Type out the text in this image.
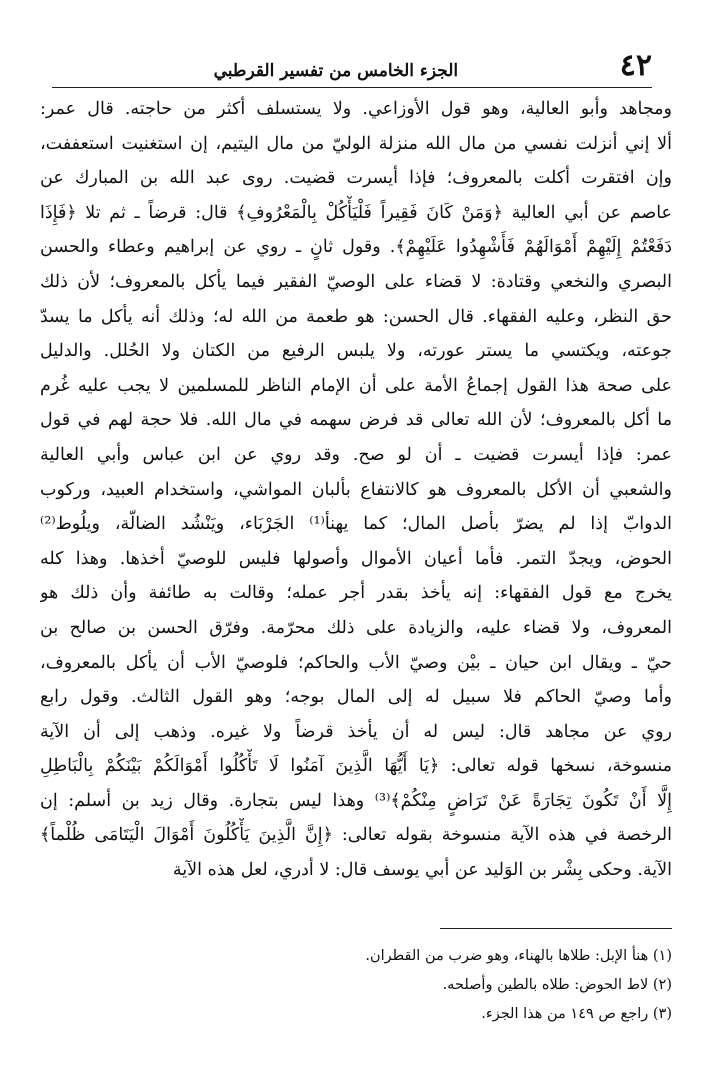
٤٢
الجزء الخامس من تفسير القرطبي
ومجاهد وأبو العالية، وهو قول الأوزاعي. ولا يستسلف أكثر من حاجته. قال عمر:
ألا إني أنزلت نفسي من مال الله منزلة الوليّ من مال اليتيم، إن استغنيت استعففت،
وإن افتقرت أكلت بالمعروف؛ فإذا أيسرت قضيت. روى عبد الله بن المبارك عن
عاصم عن أبي العالية ﴿وَمَنْ كَانَ فَقِيراً فَلْيَأْكُلْ بِالْمَعْرُوفِ﴾ قال: قرضاً ـ ثم تلا ﴿فَإِذَا
دَفَعْتُمْ إِلَيْهِمْ أَمْوَالَهُمْ فَأَشْهِدُوا عَلَيْهِمْ﴾. وقول ثانٍ ـ روي عن إبراهيم وعطاء والحسن
البصري والنخعي وقتادة: لا قضاء على الوصيّ الفقير فيما يأكل بالمعروف؛ لأن ذلك
حق النظر، وعليه الفقهاء. قال الحسن: هو طعمة من الله له؛ وذلك أنه يأكل ما يسدّ
جوعته، ويكتسي ما يستر عورته، ولا يلبس الرفيع من الكتان ولا الحُلل. والدليل
على صحة هذا القول إجماعُ الأمة على أن الإمام الناظر للمسلمين لا يجب عليه غُرم
ما أكل بالمعروف؛ لأن الله تعالى قد فرض سهمه في مال الله. فلا حجة لهم في قول
عمر: فإذا أيسرت قضيت ـ أن لو صح. وقد روي عن ابن عباس وأبي العالية
والشعبي أن الأكل بالمعروف هو كالانتفاع بألبان المواشي، واستخدام العبيد، وركوب
الدوابّ إذا لم يضرّ بأصل المال؛ كما يهنأ⁽¹⁾ الجَرْبَاء، ويَنْشُد الضالّة، ويلُوط⁽²⁾
الحوض، ويجدّ التمر. فأما أعيان الأموال وأصولها فليس للوصيّ أخذها. وهذا كله
يخرج مع قول الفقهاء: إنه يأخذ بقدر أجر عمله؛ وقالت به طائفة وأن ذلك هو
المعروف، ولا قضاء عليه، والزيادة على ذلك محرّمة. وفرّق الحسن بن صالح بن
حيّ ـ ويقال ابن حيان ـ بيْن وصيّ الأب والحاكم؛ فلوصيّ الأب أن يأكل بالمعروف،
وأما وصيّ الحاكم فلا سبيل له إلى المال بوجه؛ وهو القول الثالث. وقول رابع
روي عن مجاهد قال: ليس له أن يأخذ قرضاً ولا غيره. وذهب إلى أن الآية
منسوخة، نسخها قوله تعالى: ﴿يَا أَيُّهَا الَّذِينَ آمَنُوا لَا تَأْكُلُوا أَمْوَالَكُمْ بَيْنَكُمْ بِالْبَاطِلِ
إِلَّا أَنْ تَكُونَ تِجَارَةً عَنْ تَرَاضٍ مِنْكُمْ﴾⁽³⁾ وهذا ليس بتجارة. وقال زيد بن أسلم: إن
الرخصة في هذه الآية منسوخة بقوله تعالى: ﴿إِنَّ الَّذِينَ يَأْكُلُونَ أَمْوَالَ الْيَتَامَى ظُلْماً﴾
الآية. وحكى بِشْر بن الوَليد عن أبي يوسف قال: لا أدري، لعل هذه الآية
(١) هنأ الإبل: طلاها بالهناء، وهو ضرب من القطران.
(٢) لاط الحوض: طلاه بالطين وأصلحه.
(٣) راجع ص ١٤٩ من هذا الجزء.
